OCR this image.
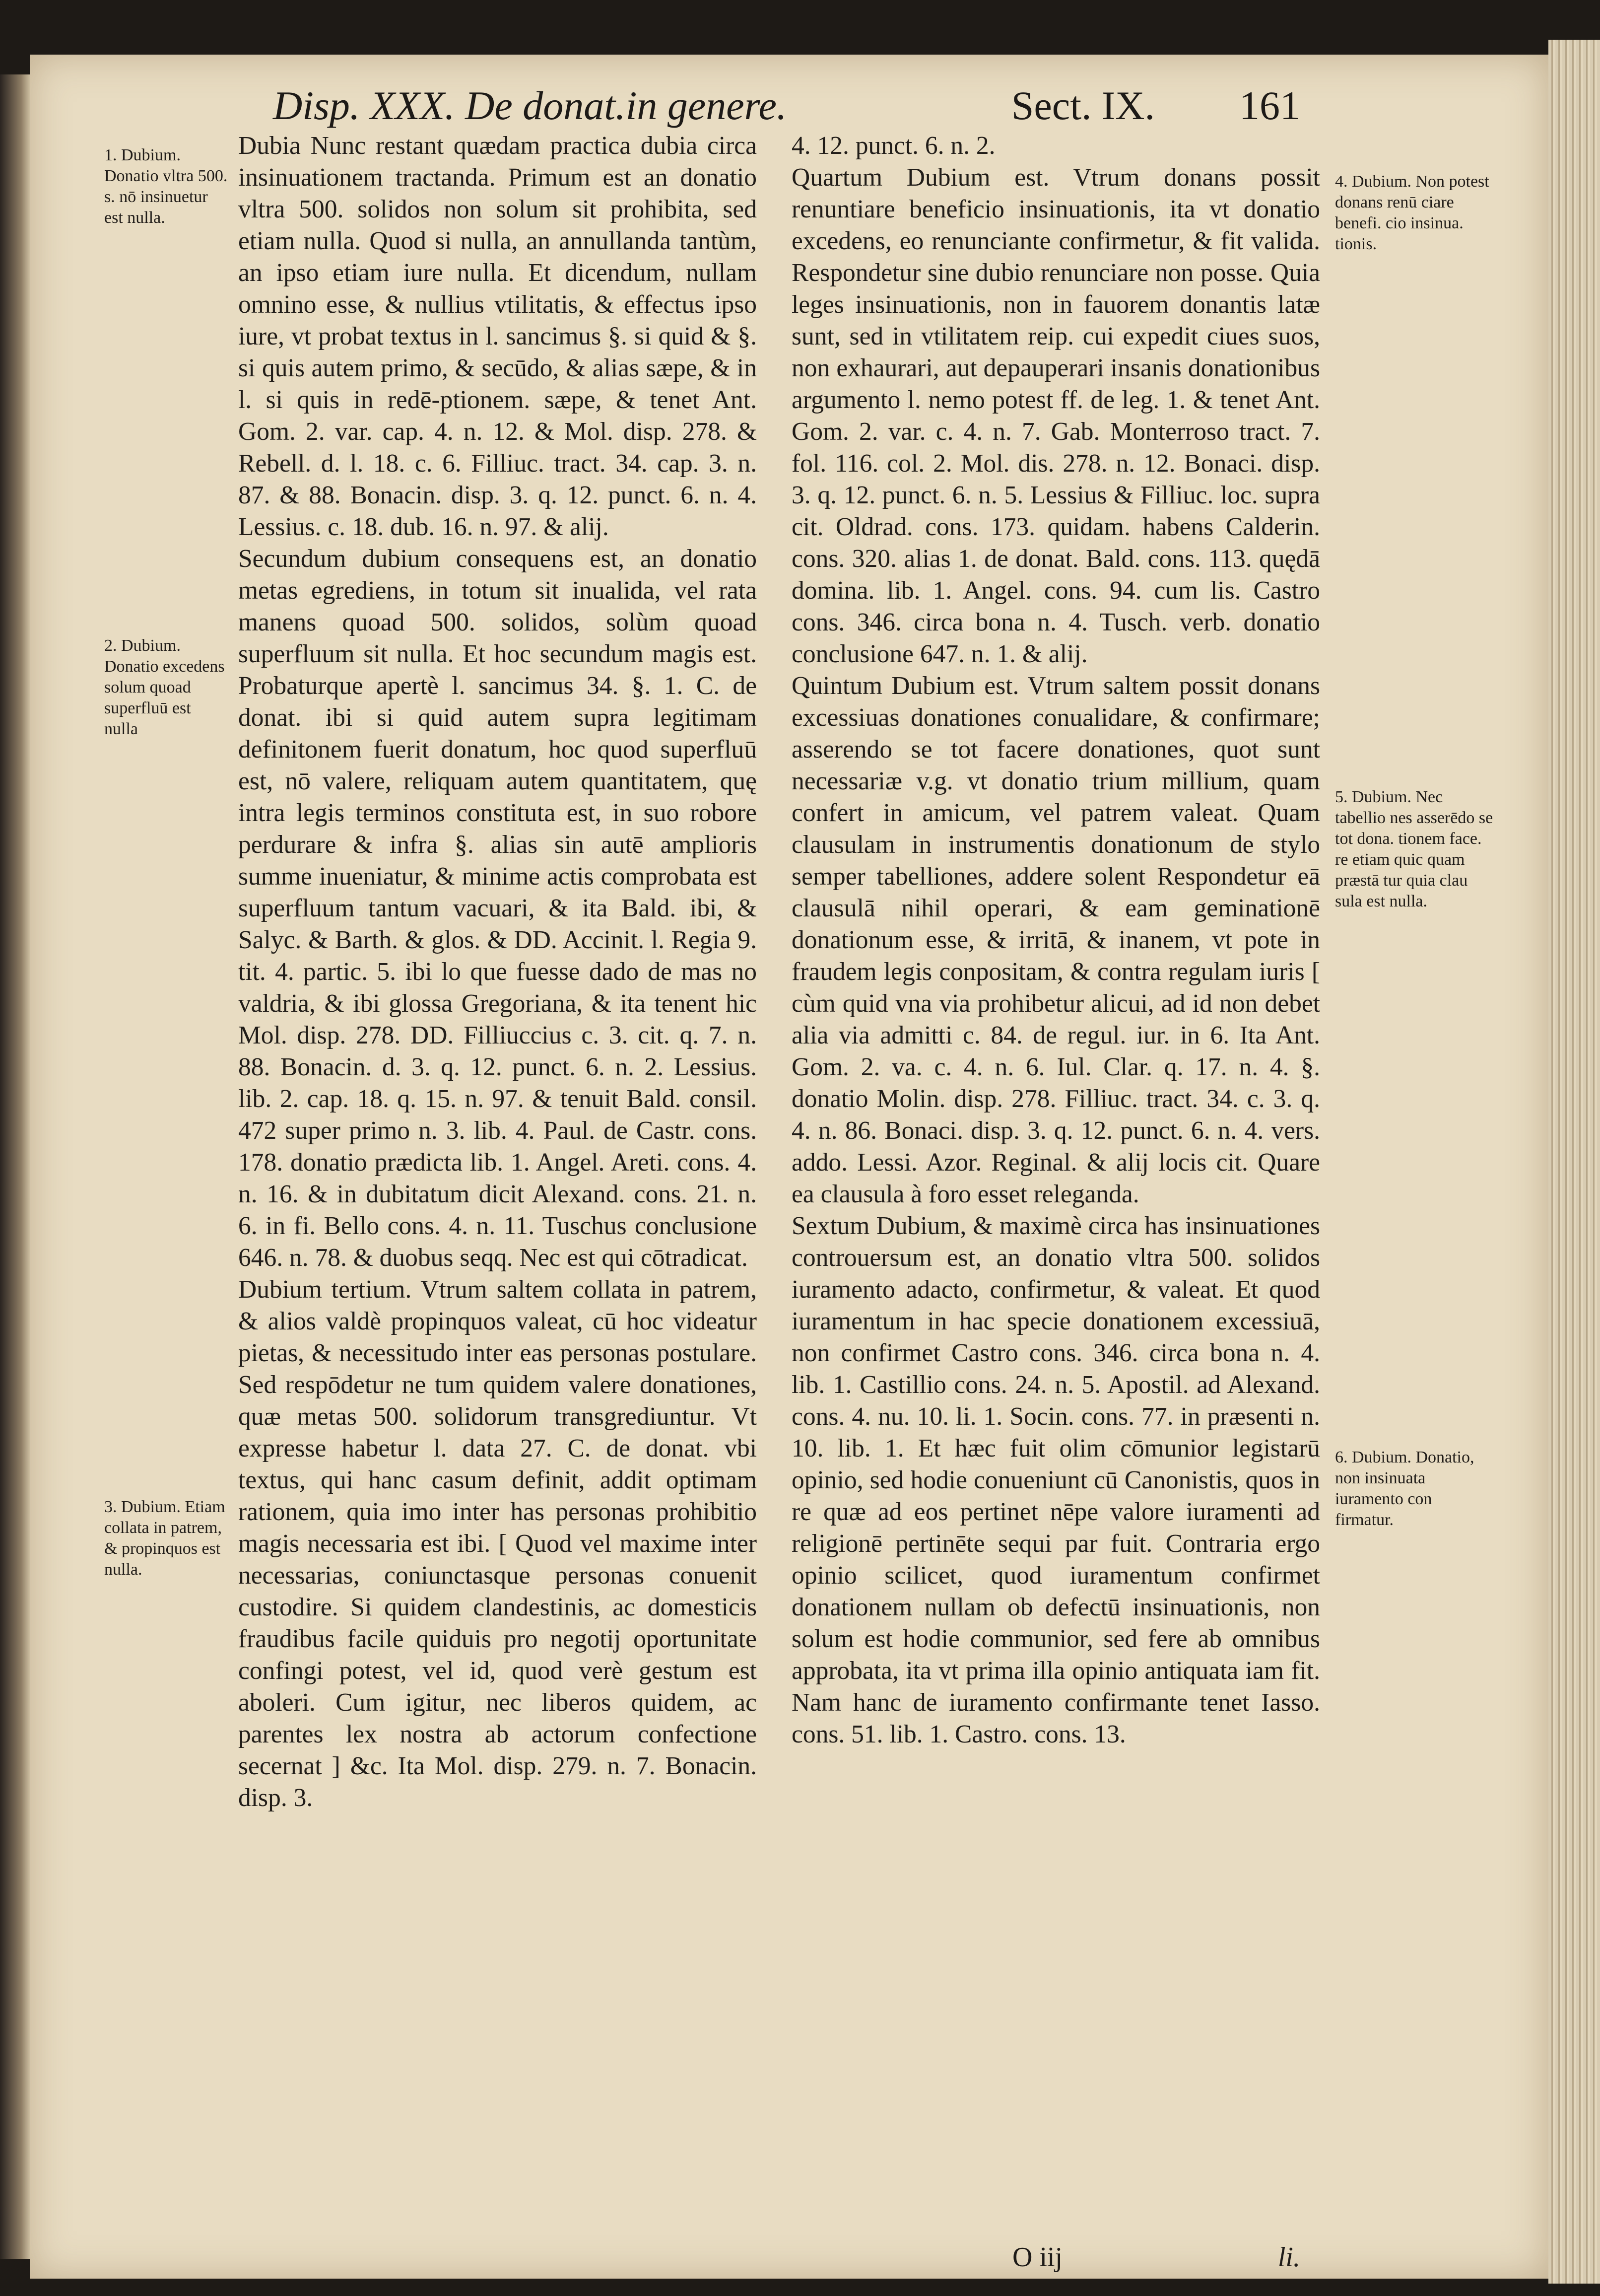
Disp. XXX. De donat.in genere.	Sect. IX. 161
1. Dubium. Donatio vltra 500. s. nō insinuetur est nulla.
2. Dubium. Donatio excedens solum quoad superfluū est nulla
3. Dubium. Etiam collata in patrem, & propinquos est nulla.
Dubia Nunc restant quædam practica dubia circa insinuationem tractanda. Primum est an donatio vltra 500. solidos non solum sit prohibita, sed etiam nulla. Quod si nulla, an annullanda tantùm, an ipso etiam iure nulla. Et dicendum, nullam omnino esse, & nullius vtilitatis, & effectus ipso iure, vt probat textus in l. sancimus §. si quid & §. si quis autem primo, & secūdo, & alias sæpe, & in l. si quis in redē-ptionem. sæpe, & tenet Ant. Gom. 2. var. cap. 4. n. 12. & Mol. disp. 278. & Rebell. d. l. 18. c. 6. Filliuc. tract. 34. cap. 3. n. 87. & 88. Bonacin. disp. 3. q. 12. punct. 6. n. 4. Lessius. c. 18. dub. 16. n. 97. & alij.
Secundum dubium consequens est, an donatio metas egrediens, in totum sit inualida, vel rata manens quoad 500. solidos, solùm quoad superfluum sit nulla. Et hoc secundum magis est. Probaturque apertè l. sancimus 34. §. 1. C. de donat. ibi si quid autem supra legitimam definitonem fuerit donatum, hoc quod superfluū est, nō valere, reliquam autem quantitatem, quę intra legis terminos constituta est, in suo robore perdurare & infra §. alias sin autē amplioris summe inueniatur, & minime actis comprobata est superfluum tantum vacuari, & ita Bald. ibi, & Salyc. & Barth. & glos. & DD. Accinit. l. Regia 9. tit. 4. partic. 5. ibi lo que fuesse dado de mas no valdria, & ibi glossa Gregoriana, & ita tenent hic Mol. disp. 278. DD. Filliuccius c. 3. cit. q. 7. n. 88. Bonacin. d. 3. q. 12. punct. 6. n. 2. Lessius. lib. 2. cap. 18. q. 15. n. 97. & tenuit Bald. consil. 472 super primo n. 3. lib. 4. Paul. de Castr. cons. 178. donatio prædicta lib. 1. Angel. Areti. cons. 4. n. 16. & in dubitatum dicit Alexand. cons. 21. n. 6. in fi. Bello cons. 4. n. 11. Tuschus conclusione 646. n. 78. & duobus seqq. Nec est qui cōtradicat.
Dubium tertium. Vtrum saltem collata in patrem, & alios valdè propinquos valeat, cū hoc videatur pietas, & necessitudo inter eas personas postulare. Sed respōdetur ne tum quidem valere donationes, quæ metas 500. solidorum transgrediuntur. Vt expresse habetur l. data 27. C. de donat. vbi textus, qui hanc casum definit, addit optimam rationem, quia imo inter has personas prohibitio magis necessaria est ibi. [ Quod vel maxime inter necessarias, coniunctasque personas conuenit custodire. Si quidem clandestinis, ac domesticis fraudibus facile quiduis pro negotij oportunitate confingi potest, vel id, quod verè gestum est aboleri. Cum igitur, nec liberos quidem, ac parentes lex nostra ab actorum confectione secernat ] &c. Ita Mol. disp. 279. n. 7. Bonacin. disp. 3.
4. 12. punct. 6. n. 2.
Quartum Dubium est. Vtrum donans possit renuntiare beneficio insinuationis, ita vt donatio excedens, eo renunciante confirmetur, & fit valida. Respondetur sine dubio renunciare non posse. Quia leges insinuationis, non in fauorem donantis latæ sunt, sed in vtilitatem reip. cui expedit ciues suos, non exhaurari, aut depauperari insanis donationibus argumento l. nemo potest ff. de leg. 1. & tenet Ant. Gom. 2. var. c. 4. n. 7. Gab. Monterroso tract. 7. fol. 116. col. 2. Mol. dis. 278. n. 12. Bonaci. disp. 3. q. 12. punct. 6. n. 5. Lessius & Filliuc. loc. supra cit. Oldrad. cons. 173. quidam. habens Calderin. cons. 320. alias 1. de donat. Bald. cons. 113. quędā domina. lib. 1. Angel. cons. 94. cum lis. Castro cons. 346. circa bona n. 4. Tusch. verb. donatio conclusione 647. n. 1. & alij.
Quintum Dubium est. Vtrum saltem possit donans excessiuas donationes conualidare, & confirmare; asserendo se tot facere donationes, quot sunt necessariæ v.g. vt donatio trium millium, quam confert in amicum, vel patrem valeat. Quam clausulam in instrumentis donationum de stylo semper tabelliones, addere solent Respondetur eā clausulā nihil operari, & eam geminationē donationum esse, & irritā, & inanem, vt pote in fraudem legis conpositam, & contra regulam iuris [ cùm quid vna via prohibetur alicui, ad id non debet alia via admitti c. 84. de regul. iur. in 6. Ita Ant. Gom. 2. va. c. 4. n. 6. Iul. Clar. q. 17. n. 4. §. donatio Molin. disp. 278. Filliuc. tract. 34. c. 3. q. 4. n. 86. Bonaci. disp. 3. q. 12. punct. 6. n. 4. vers. addo. Lessi. Azor. Reginal. & alij locis cit. Quare ea clausula à foro esset releganda.
Sextum Dubium, & maximè circa has insinuationes controuersum est, an donatio vltra 500. solidos iuramento adacto, confirmetur, & valeat. Et quod iuramentum in hac specie donationem excessiuā, non confirmet Castro cons. 346. circa bona n. 4. lib. 1. Castillio cons. 24. n. 5. Apostil. ad Alexand. cons. 4. nu. 10. li. 1. Socin. cons. 77. in præsenti n. 10. lib. 1. Et hæc fuit olim cōmunior legistarū opinio, sed hodie conueniunt cū Canonistis, quos in re quæ ad eos pertinet nēpe valore iuramenti ad religionē pertinēte sequi par fuit. Contraria ergo opinio scilicet, quod iuramentum confirmet donationem nullam ob defectū insinuationis, non solum est hodie communior, sed fere ab omnibus approbata, ita vt prima illa opinio antiquata iam fit. Nam hanc de iuramento confirmante tenet Iasso. cons. 51. lib. 1. Castro. cons. 13.
4. Dubium. Non potest donans renū ciare benefi. cio insinua. tionis.
5. Dubium. Nec tabellio nes asserēdo se tot dona. tionem face. re etiam quic quam præstā tur quia clau sula est nulla.
6. Dubium. Donatio, non insinuata iuramento con firmatur.
O iij	li.
